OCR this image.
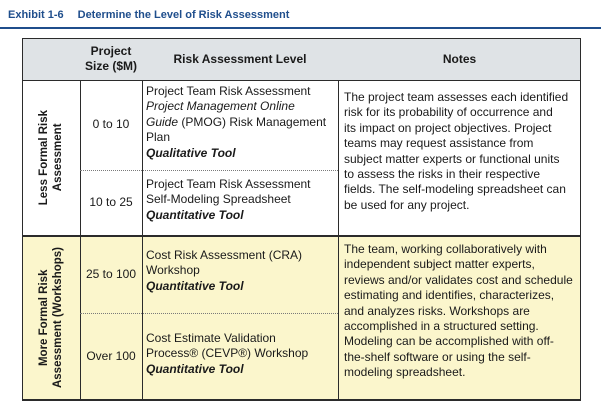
Exhibit 1-6 Determine the Level of Risk Assessment
Project
Size ($M)
Risk Assessment Level	Notes
Less Formal Risk Assessment 0 to 10
Project Team Risk Assessment
Project Management Online
Guide (PMOG) Risk Management
Plan
Qualitative Tool
10 to 25
Project Team Risk Assessment
Self-Modeling Spreadsheet
Quantitative Tool
The project team assesses each identified
risk for its probability of occurrence and
its impact on project objectives. Project
teams may request assistance from
subject matter experts or functional units
to assess the risks in their respective
fields. The self-modeling spreadsheet can
be used for any project.
More Formal Risk Assessment (Workshops) 25 to 100
Cost Risk Assessment (CRA)
Workshop
Quantitative Tool
Over 100
Cost Estimate Validation
Process® (CEVP®) Workshop
Quantitative Tool
The team, working collaboratively with
independent subject matter experts,
reviews and/or validates cost and schedule
estimating and identifies, characterizes,
and analyzes risks. Workshops are
accomplished in a structured setting.
Modeling can be accomplished with off-
the-shelf software or using the self-
modeling spreadsheet.
